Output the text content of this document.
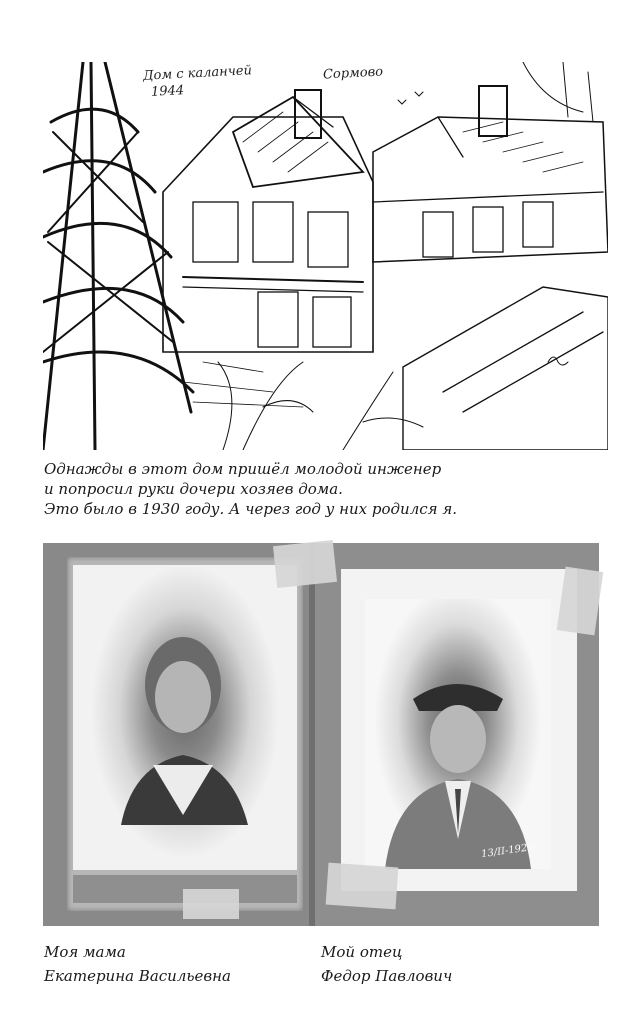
Дом с каланчей
1944
Сормово
Однажды в этот дом пришёл молодой инженер
и попросил руки дочери хозяев дома.
Это было в 1930 году. А через год у них родился я.
13/II-1929г.
Моя мама
Екатерина Васильевна
Мой отец
Федор Павлович
